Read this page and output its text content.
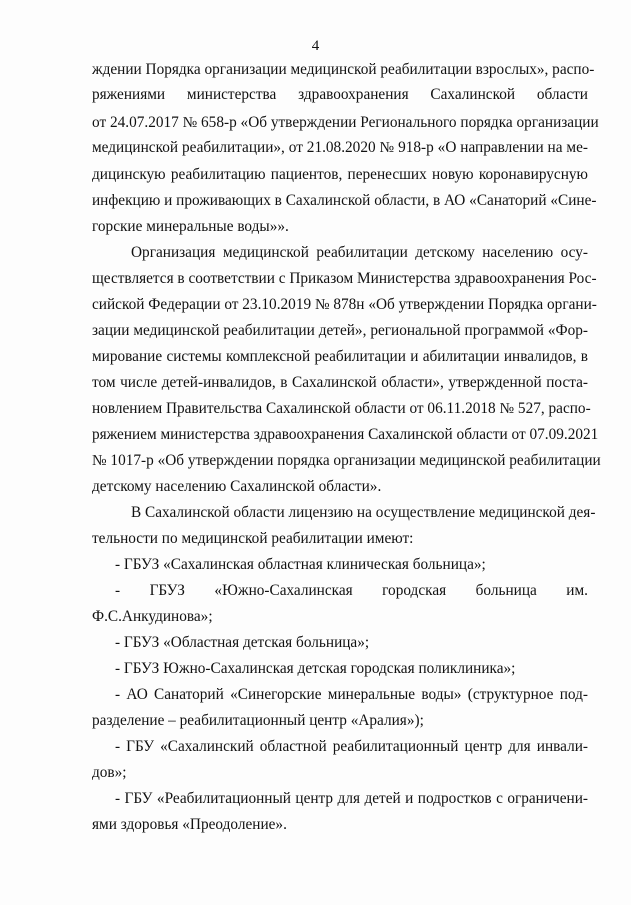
4
ждении Порядка организации медицинской реабилитации взрослых», распо-
ряжениями министерства здравоохранения Сахалинской области
от 24.07.2017 № 658-р «Об утверждении Регионального порядка организации
медицинской реабилитации», от 21.08.2020 № 918-р «О направлении на ме-
дицинскую реабилитацию пациентов, перенесших новую коронавирусную
инфекцию и проживающих в Сахалинской области, в АО «Санаторий «Сине-
горские минеральные воды»».
Организация медицинской реабилитации детскому населению осу-
ществляется в соответствии с Приказом Министерства здравоохранения Рос-
сийской Федерации от 23.10.2019 № 878н «Об утверждении Порядка органи-
зации медицинской реабилитации детей», региональной программой «Фор-
мирование системы комплексной реабилитации и абилитации инвалидов, в
том числе детей-инвалидов, в Сахалинской области», утвержденной поста-
новлением Правительства Сахалинской области от 06.11.2018 № 527, распо-
ряжением министерства здравоохранения Сахалинской области от 07.09.2021
№ 1017-р «Об утверждении порядка организации медицинской реабилитации
детскому населению Сахалинской области».
В Сахалинской области лицензию на осуществление медицинской дея-
тельности по медицинской реабилитации имеют:
- ГБУЗ «Сахалинская областная клиническая больница»;
- ГБУЗ «Южно-Сахалинская городская больница им.
Ф.С.Анкудинова»;
- ГБУЗ «Областная детская больница»;
- ГБУЗ Южно-Сахалинская детская городская поликлиника»;
- АО Санаторий «Синегорские минеральные воды» (структурное под-
разделение – реабилитационный центр «Аралия»);
- ГБУ «Сахалинский областной реабилитационный центр для инвали-
дов»;
- ГБУ «Реабилитационный центр для детей и подростков с ограничени-
ями здоровья «Преодоление».
